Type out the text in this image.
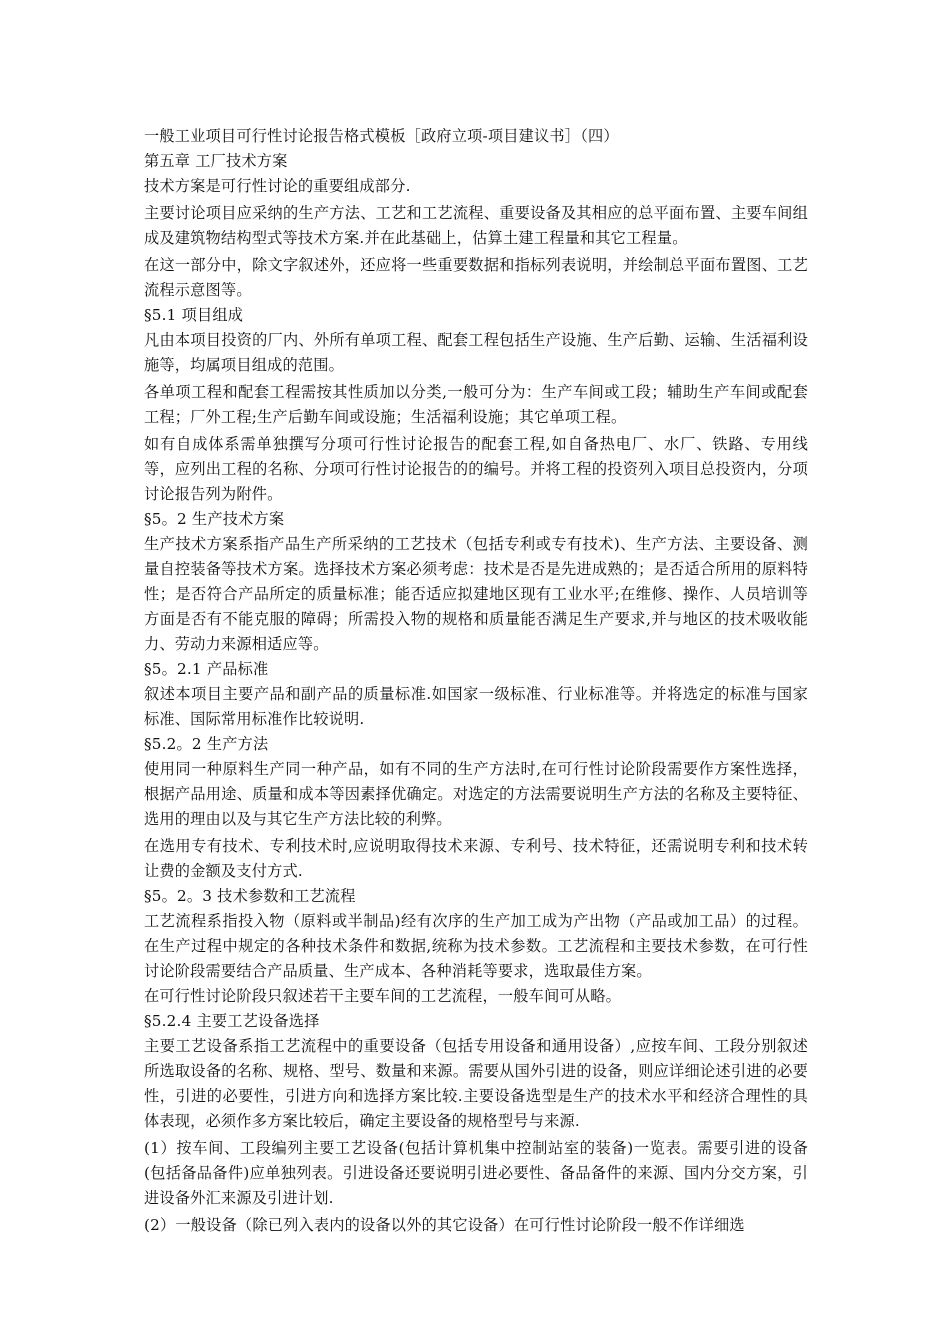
一般工业项目可行性讨论报告格式模板［政府立项-项目建议书］（四）

第五章 工厂技术方案

技术方案是可行性讨论的重要组成部分.

主要讨论项目应采纳的生产方法、工艺和工艺流程、重要设备及其相应的总平面布置、主要车间组成及建筑物结构型式等技术方案.并在此基础上，估算土建工程量和其它工程量。

在这一部分中，除文字叙述外，还应将一些重要数据和指标列表说明，并绘制总平面布置图、工艺流程示意图等。

§5.1 项目组成

凡由本项目投资的厂内、外所有单项工程、配套工程包括生产设施、生产后勤、运输、生活福利设施等，均属项目组成的范围。

各单项工程和配套工程需按其性质加以分类,一般可分为：生产车间或工段；辅助生产车间或配套工程；厂外工程;生产后勤车间或设施；生活福利设施；其它单项工程。

如有自成体系需单独撰写分项可行性讨论报告的配套工程,如自备热电厂、水厂、铁路、专用线等，应列出工程的名称、分项可行性讨论报告的的编号。并将工程的投资列入项目总投资内，分项讨论报告列为附件。

§5。2 生产技术方案

生产技术方案系指产品生产所采纳的工艺技术（包括专利或专有技术)、生产方法、主要设备、测量自控装备等技术方案。选择技术方案必须考虑：技术是否是先进成熟的；是否适合所用的原料特性；是否符合产品所定的质量标准；能否适应拟建地区现有工业水平;在维修、操作、人员培训等方面是否有不能克服的障碍；所需投入物的规格和质量能否满足生产要求,并与地区的技术吸收能力、劳动力来源相适应等。

§5。2.1 产品标准

叙述本项目主要产品和副产品的质量标准.如国家一级标准、行业标准等。并将选定的标准与国家标准、国际常用标准作比较说明.

§5.2。2 生产方法

使用同一种原料生产同一种产品，如有不同的生产方法时,在可行性讨论阶段需要作方案性选择，根据产品用途、质量和成本等因素择优确定。对选定的方法需要说明生产方法的名称及主要特征、选用的理由以及与其它生产方法比较的利弊。

在选用专有技术、专利技术时,应说明取得技术来源、专利号、技术特征，还需说明专利和技术转让费的金额及支付方式.

§5。2。3 技术参数和工艺流程

工艺流程系指投入物（原料或半制品)经有次序的生产加工成为产出物（产品或加工品）的过程。在生产过程中规定的各种技术条件和数据,统称为技术参数。工艺流程和主要技术参数，在可行性讨论阶段需要结合产品质量、生产成本、各种消耗等要求，选取最佳方案。

在可行性讨论阶段只叙述若干主要车间的工艺流程，一般车间可从略。

§5.2.4 主要工艺设备选择

主要工艺设备系指工艺流程中的重要设备（包括专用设备和通用设备）,应按车间、工段分别叙述所选取设备的名称、规格、型号、数量和来源。需要从国外引进的设备，则应详细论述引进的必要性，引进的必要性，引进方向和选择方案比较.主要设备选型是生产的技术水平和经济合理性的具体表现，必须作多方案比较后，确定主要设备的规格型号与来源.

(1）按车间、工段编列主要工艺设备(包括计算机集中控制站室的装备)一览表。需要引进的设备(包括备品备件)应单独列表。引进设备还要说明引进必要性、备品备件的来源、国内分交方案，引进设备外汇来源及引进计划.

(2）一般设备（除已列入表内的设备以外的其它设备）在可行性讨论阶段一般不作详细选
